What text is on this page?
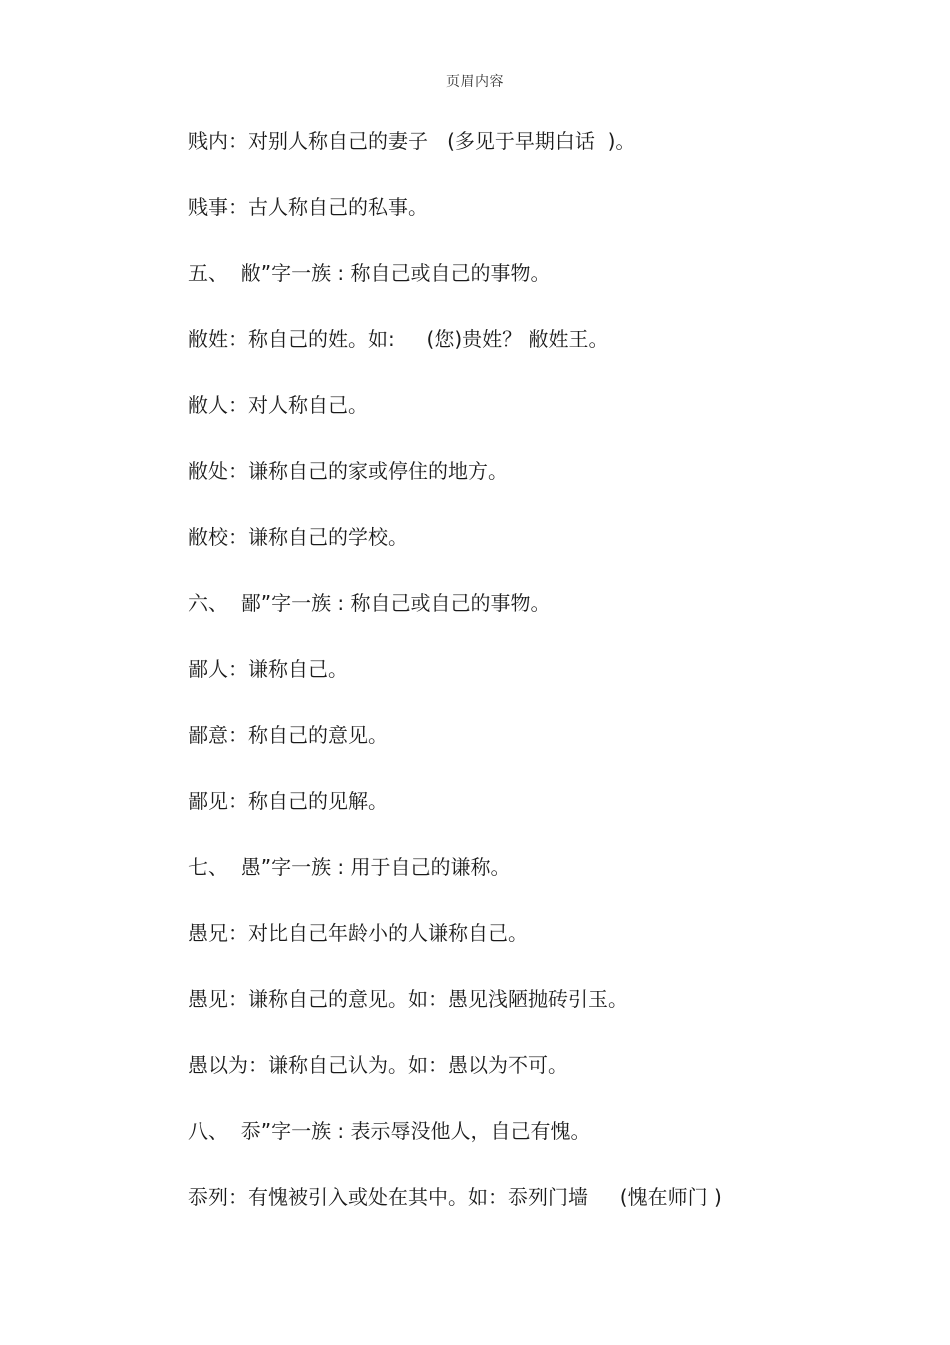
页眉内容
贱内：对别人称自己的妻子   (多见于早期白话  )。
贱事：古人称自己的私事。
五、  敝”字一族 : 称自己或自己的事物。
敝姓：称自己的姓。如:     (您)贵姓？ 敝姓王。
敝人：对人称自己。
敝处：谦称自己的家或停住的地方。
敝校：谦称自己的学校。
六、  鄙”字一族 : 称自己或自己的事物。
鄙人：谦称自己。
鄙意：称自己的意见。
鄙见：称自己的见解。
七、  愚”字一族 : 用于自己的谦称。
愚兄：对比自己年龄小的人谦称自己。
愚见：谦称自己的意见。如：愚见浅陋抛砖引玉。
愚以为：谦称自己认为。如：愚以为不可。
八、  忝”字一族 : 表示辱没他人，自己有愧。
忝列：有愧被引入或处在其中。如：忝列门墙     (愧在师门 )
